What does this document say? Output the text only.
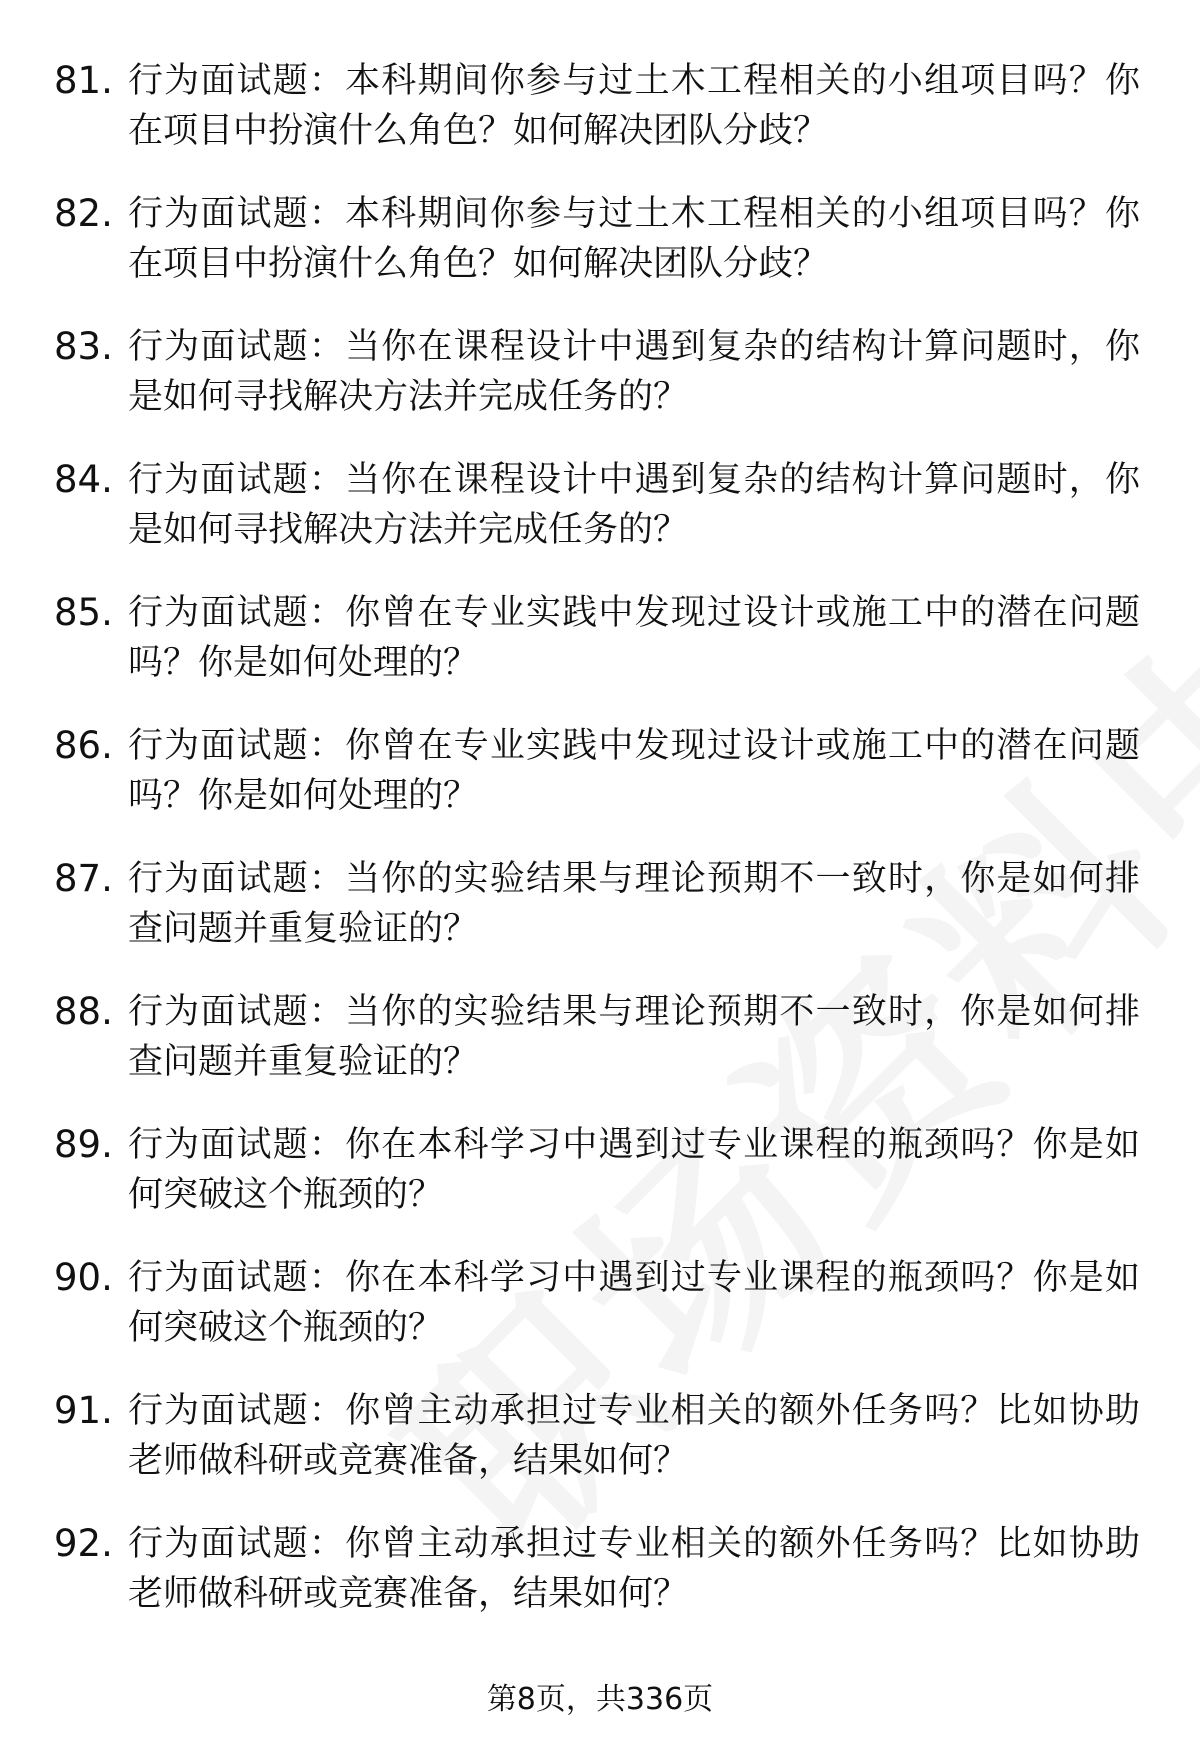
81. 行为面试题：本科期间你参与过土木工程相关的小组项目吗？你在项目中扮演什么角色？如何解决团队分歧？
82. 行为面试题：本科期间你参与过土木工程相关的小组项目吗？你在项目中扮演什么角色？如何解决团队分歧？
83. 行为面试题：当你在课程设计中遇到复杂的结构计算问题时，你是如何寻找解决方法并完成任务的？
84. 行为面试题：当你在课程设计中遇到复杂的结构计算问题时，你是如何寻找解决方法并完成任务的？
85. 行为面试题：你曾在专业实践中发现过设计或施工中的潜在问题吗？你是如何处理的？
86. 行为面试题：你曾在专业实践中发现过设计或施工中的潜在问题吗？你是如何处理的？
87. 行为面试题：当你的实验结果与理论预期不一致时，你是如何排查问题并重复验证的？
88. 行为面试题：当你的实验结果与理论预期不一致时，你是如何排查问题并重复验证的？
89. 行为面试题：你在本科学习中遇到过专业课程的瓶颈吗？你是如何突破这个瓶颈的？
90. 行为面试题：你在本科学习中遇到过专业课程的瓶颈吗？你是如何突破这个瓶颈的？
91. 行为面试题：你曾主动承担过专业相关的额外任务吗？比如协助老师做科研或竞赛准备，结果如何？
92. 行为面试题：你曾主动承担过专业相关的额外任务吗？比如协助老师做科研或竞赛准备，结果如何？
第8页，共336页
